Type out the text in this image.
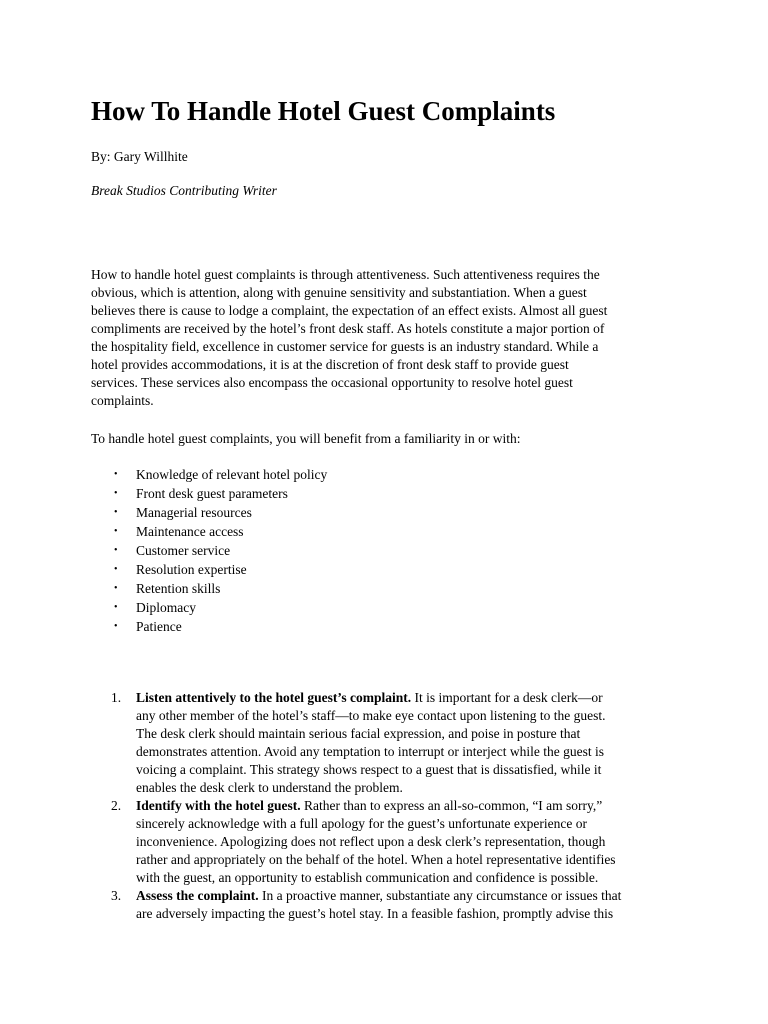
How To Handle Hotel Guest Complaints

By: Gary Willhite

Break Studios Contributing Writer

How to handle hotel guest complaints is through attentiveness. Such attentiveness requires the
obvious, which is attention, along with genuine sensitivity and substantiation. When a guest
believes there is cause to lodge a complaint, the expectation of an effect exists. Almost all guest
compliments are received by the hotel’s front desk staff. As hotels constitute a major portion of
the hospitality field, excellence in customer service for guests is an industry standard. While a
hotel provides accommodations, it is at the discretion of front desk staff to provide guest
services. These services also encompass the occasional opportunity to resolve hotel guest
complaints.

To handle hotel guest complaints, you will benefit from a familiarity in or with:

• Knowledge of relevant hotel policy
• Front desk guest parameters
• Managerial resources
• Maintenance access
• Customer service
• Resolution expertise
• Retention skills
• Diplomacy
• Patience
1. Listen attentively to the hotel guest’s complaint. It is important for a desk clerk—or
any other member of the hotel’s staff—to make eye contact upon listening to the guest.
The desk clerk should maintain serious facial expression, and poise in posture that
demonstrates attention. Avoid any temptation to interrupt or interject while the guest is
voicing a complaint. This strategy shows respect to a guest that is dissatisfied, while it
enables the desk clerk to understand the problem.
2. Identify with the hotel guest. Rather than to express an all-so-common, “I am sorry,”
sincerely acknowledge with a full apology for the guest’s unfortunate experience or
inconvenience. Apologizing does not reflect upon a desk clerk’s representation, though
rather and appropriately on the behalf of the hotel. When a hotel representative identifies
with the guest, an opportunity to establish communication and confidence is possible.
3. Assess the complaint. In a proactive manner, substantiate any circumstance or issues that
are adversely impacting the guest’s hotel stay. In a feasible fashion, promptly advise this
